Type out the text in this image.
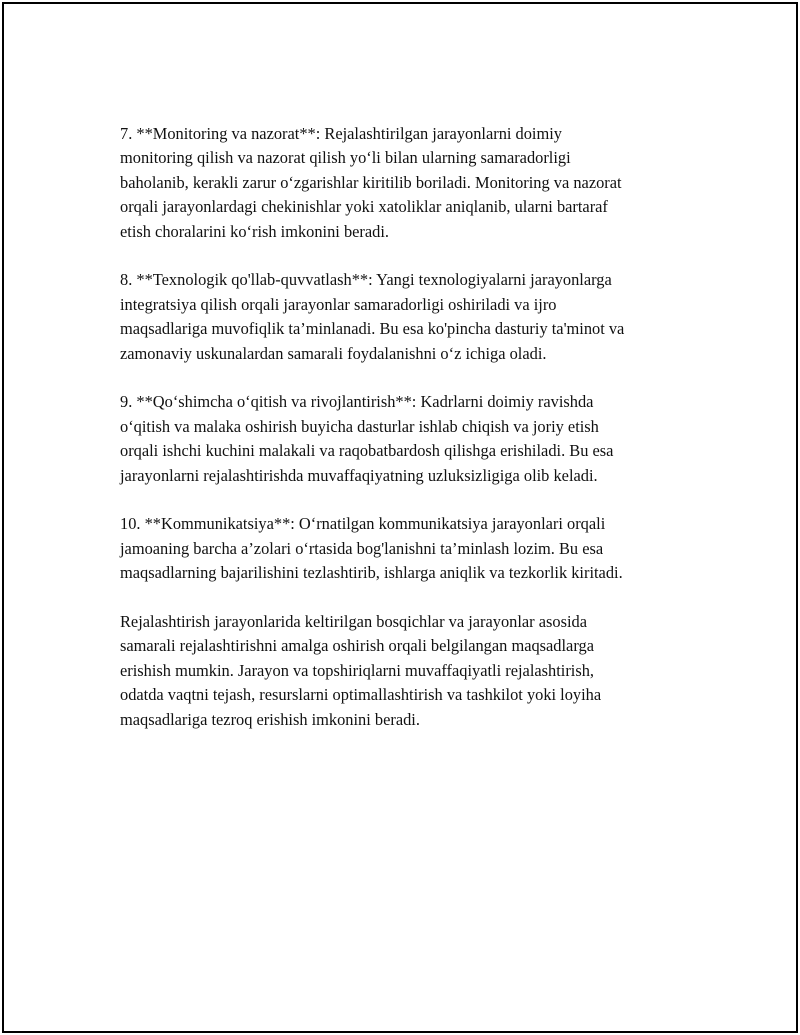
7. **Monitoring va nazorat**: Rejalashtirilgan jarayonlarni doimiy
monitoring qilish va nazorat qilish yo‘li bilan ularning samaradorligi
baholanib, kerakli zarur o‘zgarishlar kiritilib boriladi. Monitoring va nazorat
orqali jarayonlardagi chekinishlar yoki xatoliklar aniqlanib, ularni bartaraf
etish choralarini ko‘rish imkonini beradi.

8. **Texnologik qo'llab-quvvatlash**: Yangi texnologiyalarni jarayonlarga
integratsiya qilish orqali jarayonlar samaradorligi oshiriladi va ijro
maqsadlariga muvofiqlik ta’minlanadi. Bu esa ko'pincha dasturiy ta'minot va
zamonaviy uskunalardan samarali foydalanishni o‘z ichiga oladi.

9. **Qo‘shimcha o‘qitish va rivojlantirish**: Kadrlarni doimiy ravishda
o‘qitish va malaka oshirish buyicha dasturlar ishlab chiqish va joriy etish
orqali ishchi kuchini malakali va raqobatbardosh qilishga erishiladi. Bu esa
jarayonlarni rejalashtirishda muvaffaqiyatning uzluksizligiga olib keladi.

10. **Kommunikatsiya**: O‘rnatilgan kommunikatsiya jarayonlari orqali
jamoaning barcha a’zolari o‘rtasida bog'lanishni ta’minlash lozim. Bu esa
maqsadlarning bajarilishini tezlashtirib, ishlarga aniqlik va tezkorlik kiritadi.

Rejalashtirish jarayonlarida keltirilgan bosqichlar va jarayonlar asosida
samarali rejalashtirishni amalga oshirish orqali belgilangan maqsadlarga
erishish mumkin. Jarayon va topshiriqlarni muvaffaqiyatli rejalashtirish,
odatda vaqtni tejash, resurslarni optimallashtirish va tashkilot yoki loyiha
maqsadlariga tezroq erishish imkonini beradi.
